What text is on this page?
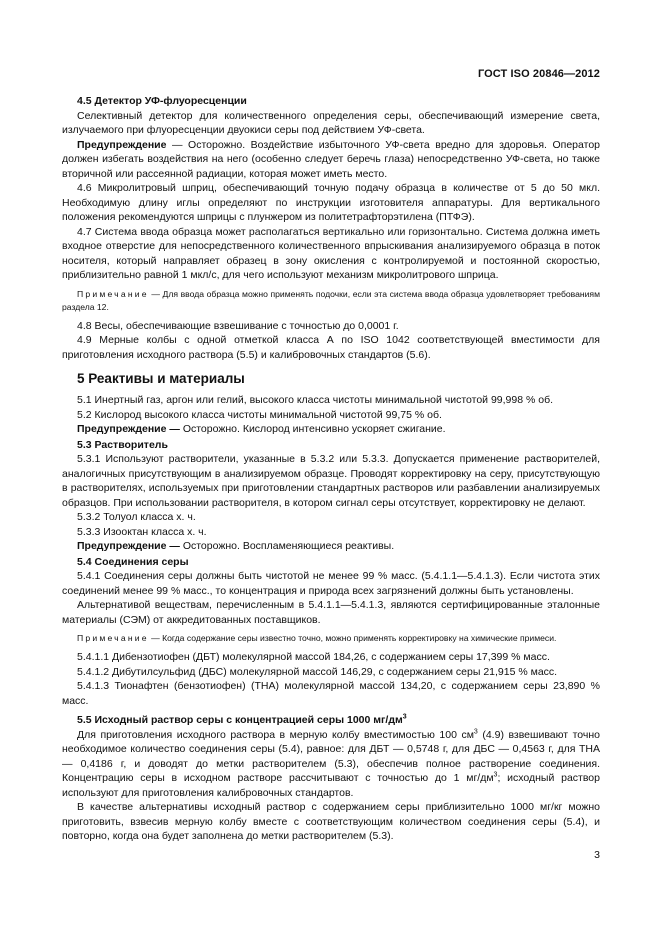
ГОСТ ISO 20846—2012

4.5 Детектор УФ-флуоресценции

Селективный детектор для количественного определения серы, обеспечивающий измерение света, излучаемого при флуоресценции двуокиси серы под действием УФ-света.

Предупреждение — Осторожно. Воздействие избыточного УФ-света вредно для здоровья. Оператор должен избегать воздействия на него (особенно следует беречь глаза) непосредственно УФ-света, но также вторичной или рассеянной радиации, которая может иметь место.

4.6 Микролитровый шприц, обеспечивающий точную подачу образца в количестве от 5 до 50 мкл. Необходимую длину иглы определяют по инструкции изготовителя аппаратуры. Для вертикального положения рекомендуются шприцы с плунжером из политетрафторэтилена (ПТФЭ).

4.7 Система ввода образца может располагаться вертикально или горизонтально. Система должна иметь входное отверстие для непосредственного количественного впрыскивания анализируемого образца в поток носителя, который направляет образец в зону окисления с контролируемой и постоянной скоростью, приблизительно равной 1 мкл/с, для чего используют механизм микролитрового шприца.

Примечание — Для ввода образца можно применять подочки, если эта система ввода образца удовлетворяет требованиям раздела 12.

4.8 Весы, обеспечивающие взвешивание с точностью до 0,0001 г.

4.9 Мерные колбы с одной отметкой класса А по ISO 1042 соответствующей вместимости для приготовления исходного раствора (5.5) и калибровочных стандартов (5.6).

5 Реактивы и материалы

5.1 Инертный газ, аргон или гелий, высокого класса чистоты минимальной чистотой 99,998 % об.

5.2 Кислород высокого класса чистоты минимальной чистотой 99,75 % об.

Предупреждение — Осторожно. Кислород интенсивно ускоряет сжигание.

5.3 Растворитель

5.3.1 Используют растворители, указанные в 5.3.2 или 5.3.3. Допускается применение растворителей, аналогичных присутствующим в анализируемом образце. Проводят корректировку на серу, присутствующую в растворителях, используемых при приготовлении стандартных растворов или разбавлении анализируемых образцов. При использовании растворителя, в котором сигнал серы отсутствует, корректировку не делают.

5.3.2 Толуол класса х. ч.

5.3.3 Изооктан класса х. ч.

Предупреждение — Осторожно. Воспламеняющиеся реактивы.

5.4 Соединения серы

5.4.1 Соединения серы должны быть чистотой не менее 99 % масс. (5.4.1.1—5.4.1.3). Если чистота этих соединений менее 99 % масс., то концентрация и природа всех загрязнений должны быть установлены.

Альтернативой веществам, перечисленным в 5.4.1.1—5.4.1.3, являются сертифицированные эталонные материалы (СЭМ) от аккредитованных поставщиков.

Примечание — Когда содержание серы известно точно, можно применять корректировку на химические примеси.

5.4.1.1 Дибензотиофен (ДБТ) молекулярной массой 184,26, с содержанием серы 17,399 % масс.

5.4.1.2 Дибутилсульфид (ДБС) молекулярной массой 146,29, с содержанием серы 21,915 % масс.

5.4.1.3 Тионафтен (бензотиофен) (ТНА) молекулярной массой 134,20, с содержанием серы 23,890 % масс.

5.5 Исходный раствор серы с концентрацией серы 1000 $мг/дм^3$

Для приготовления исходного раствора в мерную колбу вместимостью 100 $см^3$ (4.9) взвешивают точно необходимое количество соединения серы (5.4), равное: для ДБТ — 0,5748 г, для ДБС — 0,4563 г, для ТНА — 0,4186 г, и доводят до метки растворителем (5.3), обеспечив полное растворение соединения. Концентрацию серы в исходном растворе рассчитывают с точностью до 1 $мг/дм^3$; исходный раствор используют для приготовления калибровочных стандартов.

В качестве альтернативы исходный раствор с содержанием серы приблизительно 1000 мг/кг можно приготовить, взвесив мерную колбу вместе с соответствующим количеством соединения серы (5.4), и повторно, когда она будет заполнена до метки растворителем (5.3).

3
